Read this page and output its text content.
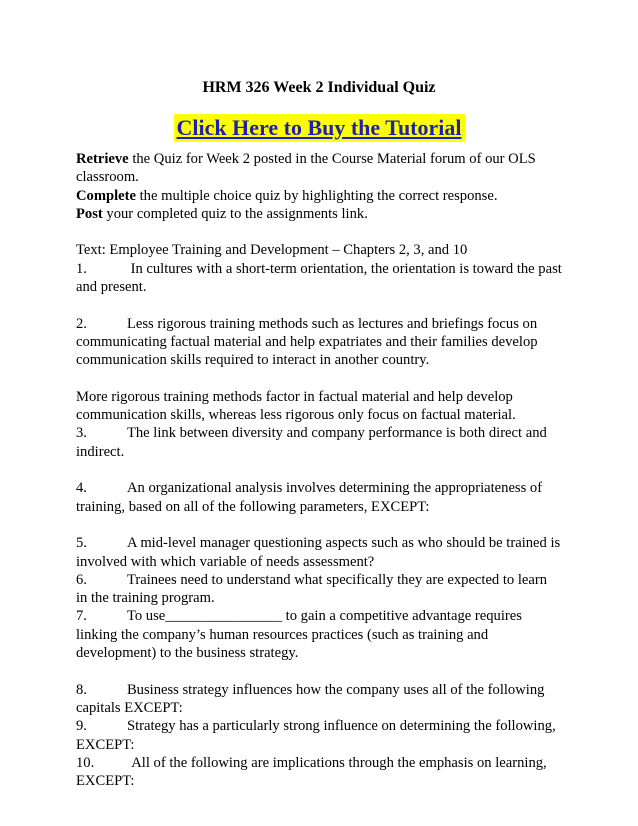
HRM 326 Week 2 Individual Quiz
Click Here to Buy the Tutorial

Retrieve the Quiz for Week 2 posted in the Course Material forum of our OLS classroom.

Complete the multiple choice quiz by highlighting the correct response.

Post your completed quiz to the assignments link.

Text: Employee Training and Development – Chapters 2, 3, and 10

1.	In cultures with a short-term orientation, the orientation is toward the past and present.

2.	Less rigorous training methods such as lectures and briefings focus on communicating factual material and help expatriates and their families develop communication skills required to interact in another country.

More rigorous training methods factor in factual material and help develop communication skills, whereas less rigorous only focus on factual material.

3.	The link between diversity and company performance is both direct and indirect.

4.	An organizational analysis involves determining the appropriateness of training, based on all of the following parameters, EXCEPT:

5.	A mid-level manager questioning aspects such as who should be trained is involved with which variable of needs assessment?

6.	Trainees need to understand what specifically they are expected to learn in the training program.

7.	To use________________ to gain a competitive advantage requires linking the company’s human resources practices (such as training and development) to the business strategy.

8.	Business strategy influences how the company uses all of the following capitals EXCEPT:

9.	Strategy has a particularly strong influence on determining the following, EXCEPT:

10.	All of the following are implications through the emphasis on learning, EXCEPT:
